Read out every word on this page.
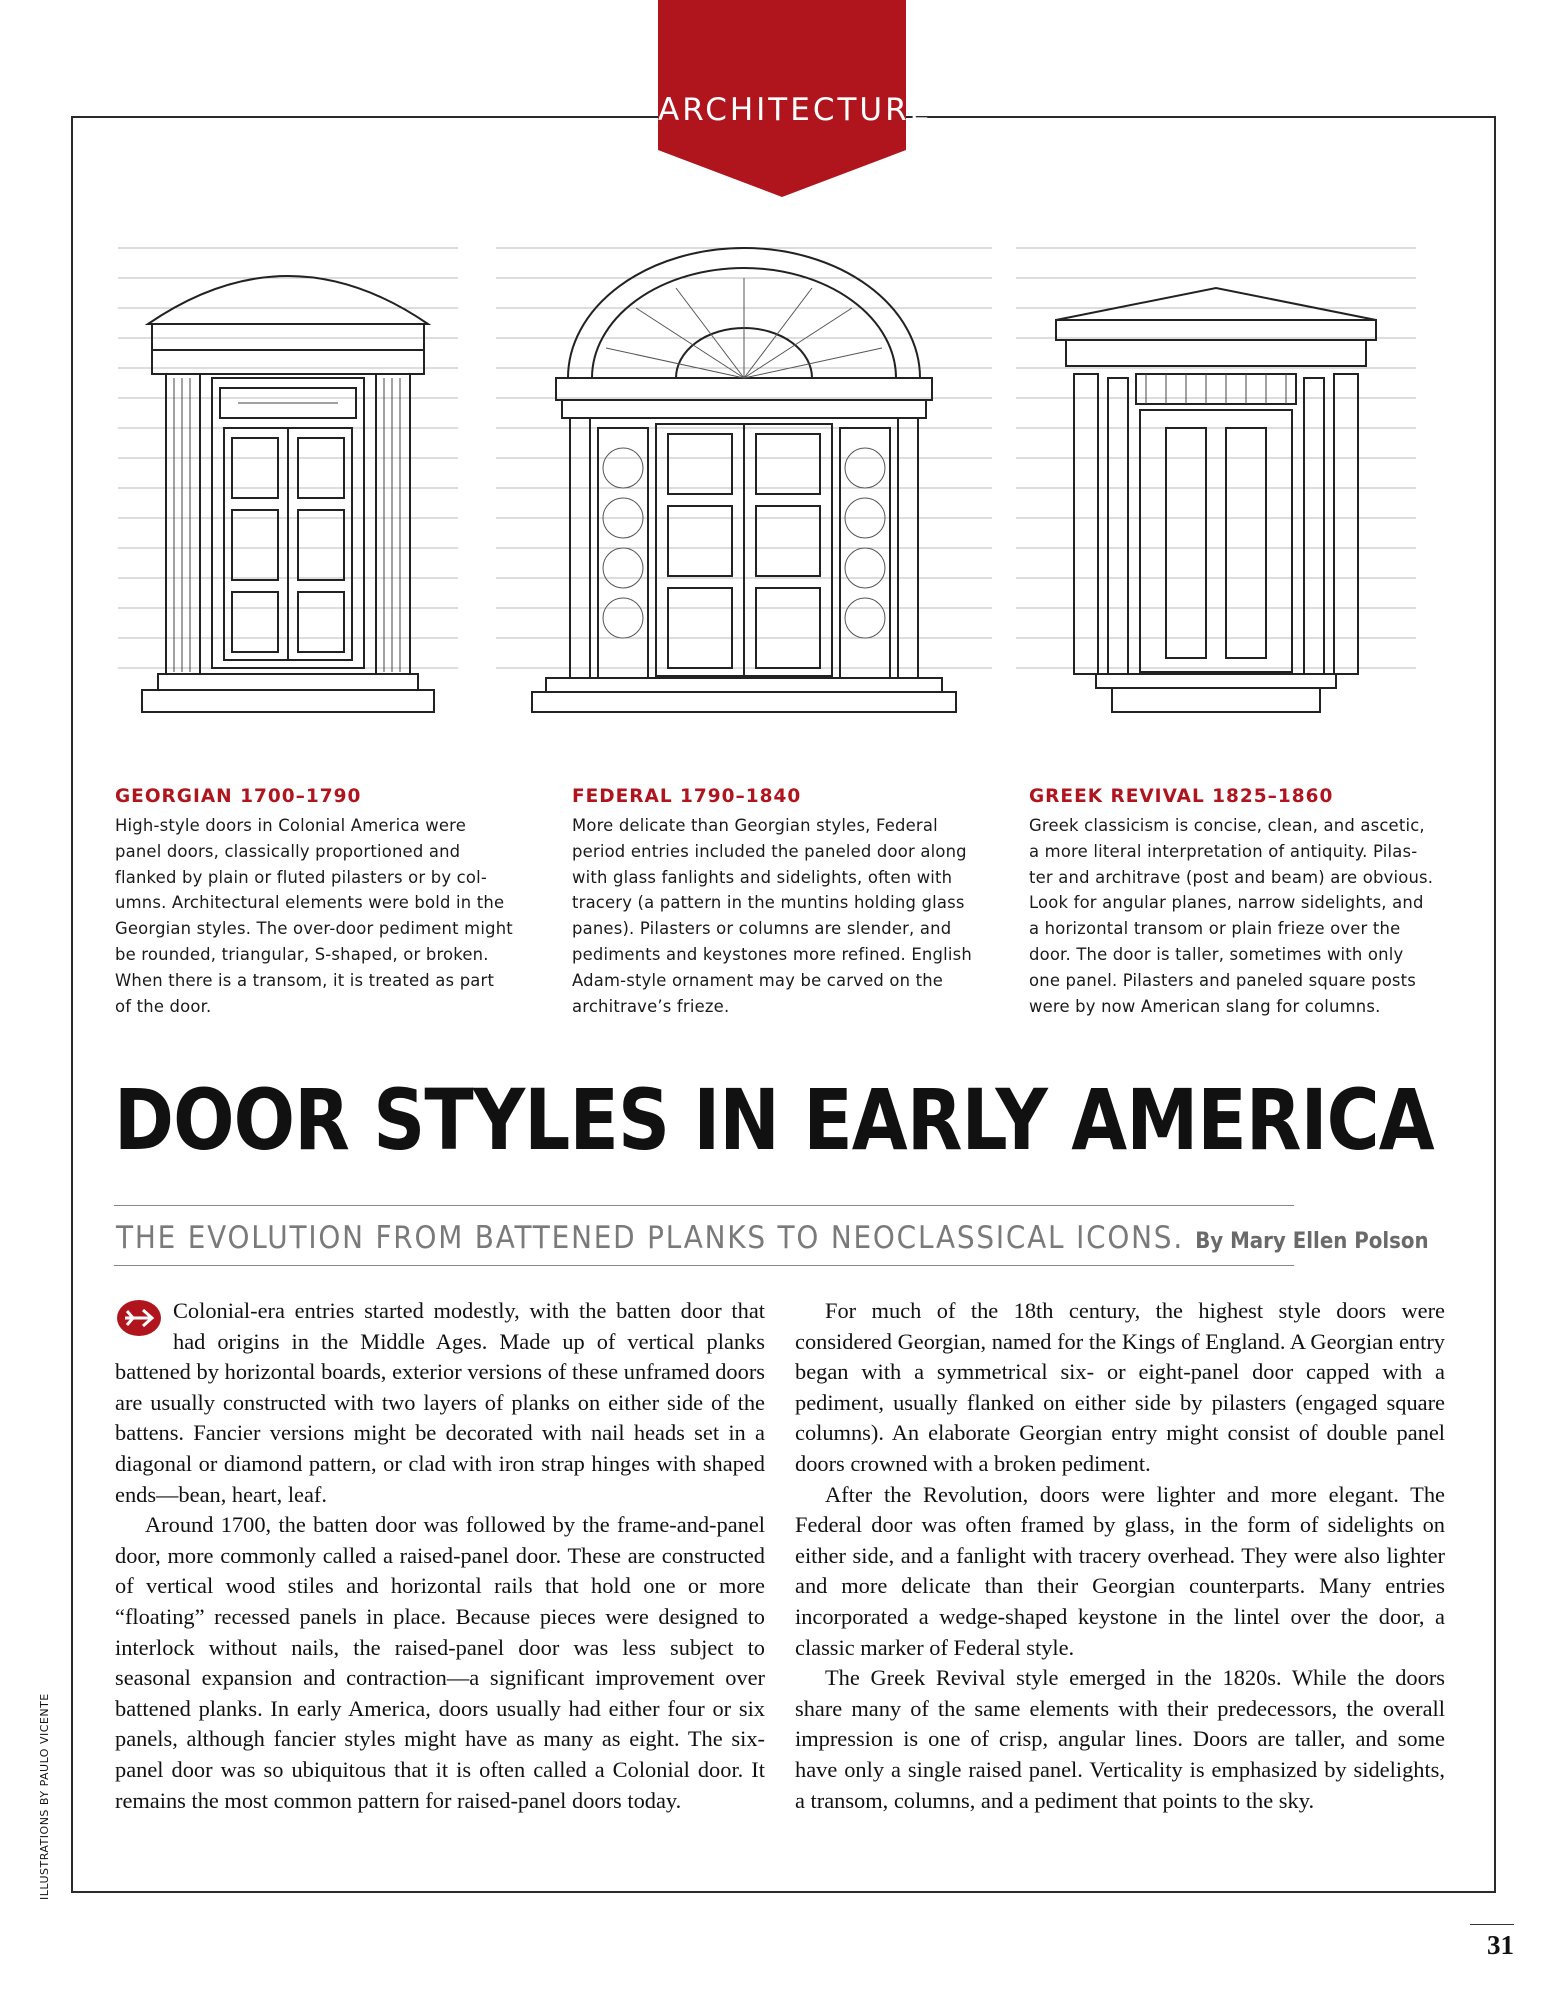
ARCHITECTURE
GEORGIAN 1700–1790
High-style doors in Colonial America were
panel doors, classically proportioned and
flanked by plain or fluted pilasters or by col-
umns. Architectural elements were bold in the
Georgian styles. The over-door pediment might
be rounded, triangular, S-shaped, or broken.
When there is a transom, it is treated as part
of the door.
FEDERAL 1790–1840
More delicate than Georgian styles, Federal
period entries included the paneled door along
with glass fanlights and sidelights, often with
tracery (a pattern in the muntins holding glass
panes). Pilasters or columns are slender, and
pediments and keystones more refined. English
Adam-style ornament may be carved on the
architrave’s frieze.
GREEK REVIVAL 1825–1860
Greek classicism is concise, clean, and ascetic,
a more literal interpretation of antiquity. Pilas-
ter and architrave (post and beam) are obvious.
Look for angular planes, narrow sidelights, and
a horizontal transom or plain frieze over the
door. The door is taller, sometimes with only
one panel. Pilasters and paneled square posts
were by now American slang for columns.
DOOR STYLES IN EARLY AMERICA
THE EVOLUTION FROM BATTENED PLANKS TO NEOCLASSICAL ICONS. By Mary Ellen Polson

Colonial-era entries started modestly, with the batten door that had origins in the Middle Ages. Made up of vertical planks battened by horizontal boards, exterior versions of these unframed doors are usually constructed with two layers of planks on either side of the battens. Fancier versions might be decorated with nail heads set in a diagonal or diamond pattern, or clad with iron strap hinges with shaped ends—bean, heart, leaf.

Around 1700, the batten door was followed by the frame-and-panel door, more commonly called a raised-panel door. These are constructed of vertical wood stiles and horizontal rails that hold one or more “floating” recessed panels in place. Because pieces were designed to interlock without nails, the raised-panel door was less subject to seasonal expansion and contraction—a significant improvement over battened planks. In early America, doors usually had either four or six panels, although fancier styles might have as many as eight. The six-panel door was so ubiquitous that it is often called a Colonial door. It remains the most common pattern for raised-panel doors today.

For much of the 18th century, the highest style doors were considered Georgian, named for the Kings of England. A Georgian entry began with a symmetrical six- or eight-panel door capped with a pediment, usually flanked on either side by pilasters (engaged square columns). An elaborate Georgian entry might consist of double panel doors crowned with a broken pediment.

After the Revolution, doors were lighter and more elegant. The Federal door was often framed by glass, in the form of sidelights on either side, and a fanlight with tracery overhead. They were also lighter and more delicate than their Georgian counterparts. Many entries incorporated a wedge-shaped keystone in the lintel over the door, a classic marker of Federal style.

The Greek Revival style emerged in the 1820s. While the doors share many of the same elements with their predecessors, the overall impression is one of crisp, angular lines. Doors are taller, and some have only a single raised panel. Verticality is emphasized by sidelights, a transom, columns, and a pediment that points to the sky.

ILLUSTRATIONS BY PAULO VICENTE
31
